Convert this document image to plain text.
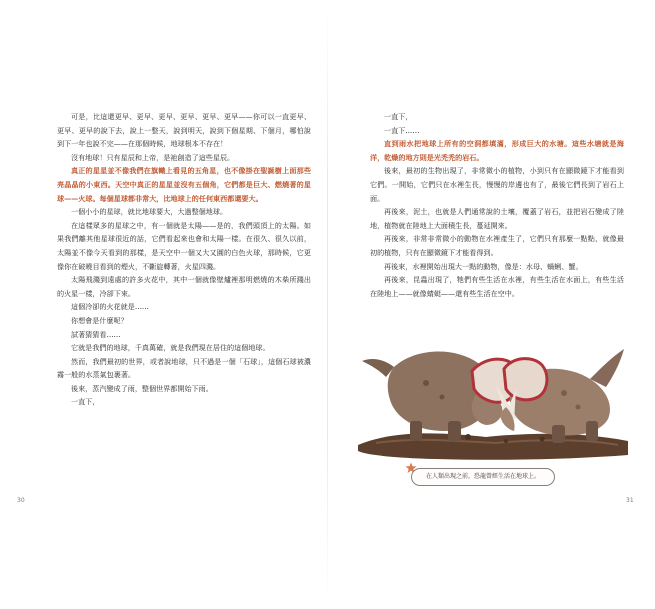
可是，比這還更早、更早、更早、更早、更早、更早——你可以一直更早、更早、更早的說下去，說上一整天，說到明天，說到下個星期、下個月，哪怕說到下一年也說不完——在那個時候，地球根本不存在！

沒有地球！只有星辰和上帝，是祂創造了這些星辰。

真正的星星並不像我們在旗幟上看見的五角星，也不像掛在聖誕樹上面那些亮晶晶的小東西。天空中真正的星星並沒有五個角，它們都是巨大、燃燒著的星球——火球。每個星球都非常大，比地球上的任何東西都還要大。

一個小小的星球，就比地球要大，大過整個地球。

在這樣眾多的星球之中，有一個就是太陽——是的，我們頭頂上的太陽。如果我們離其他星球很近的話，它們看起來也會和太陽一樣。在很久、很久以前，太陽並不像今天看到的那樣，是天空中一個又大又圓的白色火球，那時候，它更像你在破曉目看到的煙火，不斷旋轉著，火星四濺。

太陽飛濺到遠處的許多火花中，其中一個就像壁爐裡那明燃燒的木柴所濺出的火星一樣，冷卻下來。

這個冷卻的火花就是……

你想會是什麼呢？

試著猜猜看……

它就是我們的地球，千真萬確，就是我們現在居住的這個地球。

然而，我們最初的世界，或者說地球，只不過是一個「石球」，這個石球被濃霧一般的水蒸氣包裹著。

後來，蒸汽變成了雨，整個世界都開始下雨。

一直下，

30

一直下，

一直下……

直到雨水把地球上所有的空洞都填滿，形成巨大的水塘。這些水塘就是海洋，乾燥的地方則是光禿禿的岩石。

後來，最初的生物出現了，非常微小的植物，小到只有在顯微鏡下才能看到它們。一開始，它們只在水裡生長，慢慢的岸邊也有了，最後它們長到了岩石上面。

再後來，泥土，也就是人們通常說的土壤，覆蓋了岩石，並把岩石變成了陸地，植物就在陸地上大面積生長，蔓延開來。

再後來，非常非常微小的動物在水裡產生了，它們只有那麼一點點，就像最初的植物，只有在顯微鏡下才能看得到。

再後來，水裡開始出現大一點的動物，像是：水母、蝸蜊、蟹。

再後來，昆蟲出現了，牠們有些生活在水裡，有些生活在水面上，有些生活在陸地上——就像蜻蜓——還有些生活在空中。

31
在人類出現之前，恐龍曾經生活在地球上。
